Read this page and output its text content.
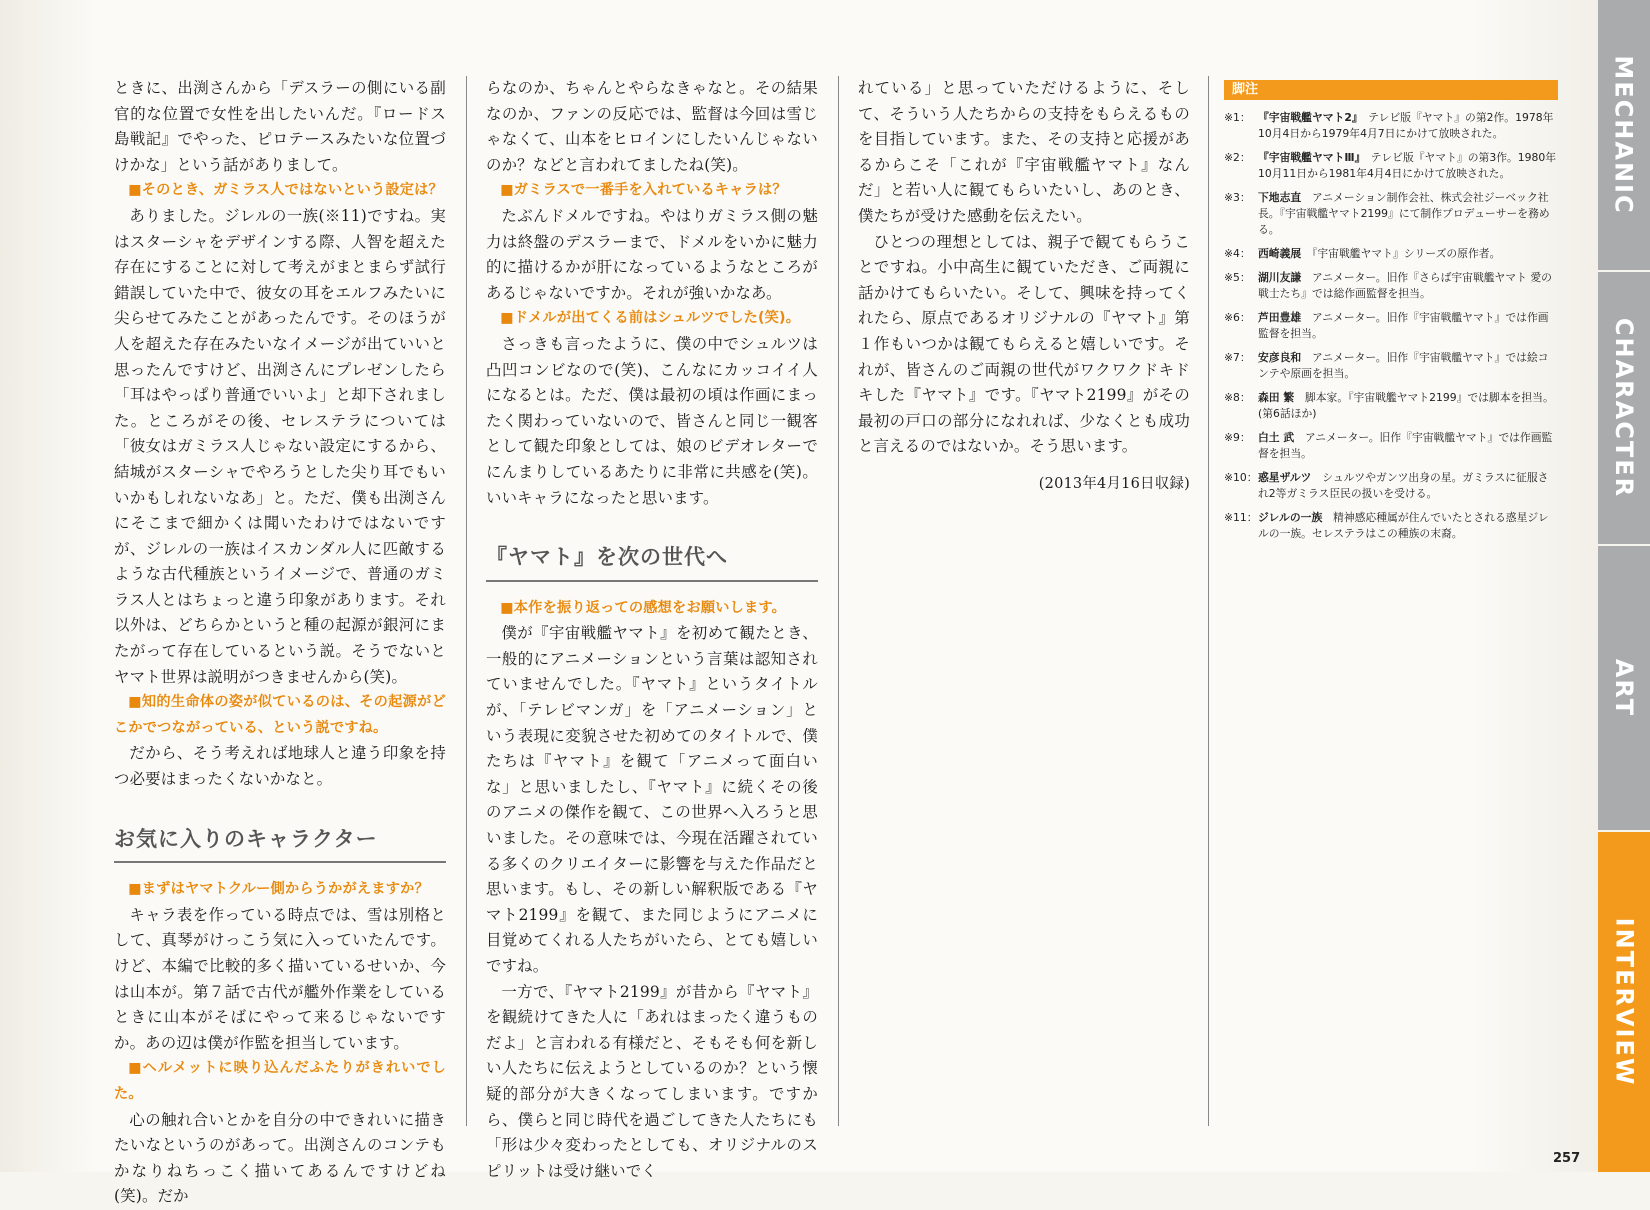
ときに、出渕さんから「デスラーの側にいる副官的な位置で女性を出したいんだ。『ロードス島戦記』でやった、ピロテースみたいな位置づけかな」という話がありまして。

■ そのとき、ガミラス人ではないという設定は？

ありました。ジレルの一族(※11)ですね。実はスターシャをデザインする際、人智を超えた存在にすることに対して考えがまとまらず試行錯誤していた中で、彼女の耳をエルフみたいに尖らせてみたことがあったんです。そのほうが人を超えた存在みたいなイメージが出ていいと思ったんですけど、出渕さんにプレゼンしたら「耳はやっぱり普通でいいよ」と却下されました。ところがその後、セレステラについては「彼女はガミラス人じゃない設定にするから、結城がスターシャでやろうとした尖り耳でもいいかもしれないなあ」と。ただ、僕も出渕さんにそこまで細かくは聞いたわけではないですが、ジレルの一族はイスカンダル人に匹敵するような古代種族というイメージで、普通のガミラス人とはちょっと違う印象があります。それ以外は、どちらかというと種の起源が銀河にまたがって存在しているという説。そうでないとヤマト世界は説明がつきませんから(笑)。

■ 知的生命体の姿が似ているのは、その起源がどこかでつながっている、という説ですね。

だから、そう考えれば地球人と違う印象を持つ必要はまったくないかなと。

お気に入りのキャラクター

■ まずはヤマトクルー側からうかがえますか？

キャラ表を作っている時点では、雪は別格として、真琴がけっこう気に入っていたんです。けど、本編で比較的多く描いているせいか、今は山本が。第７話で古代が艦外作業をしているときに山本がそばにやって来るじゃないですか。あの辺は僕が作監を担当しています。

■ ヘルメットに映り込んだふたりがきれいでした。

心の触れ合いとかを自分の中できれいに描きたいなというのがあって。出渕さんのコンテもかなりねちっこく描いてあるんですけどね(笑)。だか

らなのか、ちゃんとやらなきゃなと。その結果なのか、ファンの反応では、監督は今回は雪じゃなくて、山本をヒロインにしたいんじゃないのか？などと言われてましたね(笑)。

■ ガミラスで一番手を入れているキャラは？

たぶんドメルですね。やはりガミラス側の魅力は終盤のデスラーまで、ドメルをいかに魅力的に描けるかが肝になっているようなところがあるじゃないですか。それが強いかなあ。

■ ドメルが出てくる前はシュルツでした(笑)。

さっきも言ったように、僕の中でシュルツは凸凹コンビなので(笑)、こんなにカッコイイ人になるとは。ただ、僕は最初の頃は作画にまったく関わっていないので、皆さんと同じ一観客として観た印象としては、娘のビデオレターでにんまりしているあたりに非常に共感を(笑)。いいキャラになったと思います。

『ヤマト』を次の世代へ

■ 本作を振り返っての感想をお願いします。

僕が『宇宙戦艦ヤマト』を初めて観たとき、一般的にアニメーションという言葉は認知されていませんでした。『ヤマト』というタイトルが、「テレビマンガ」を「アニメーション」という表現に変貌させた初めてのタイトルで、僕たちは『ヤマト』を観て「アニメって面白いな」と思いましたし、『ヤマト』に続くその後のアニメの傑作を観て、この世界へ入ろうと思いました。その意味では、今現在活躍されている多くのクリエイターに影響を与えた作品だと思います。もし、その新しい解釈版である『ヤマト2199』を観て、また同じようにアニメに目覚めてくれる人たちがいたら、とても嬉しいですね。

一方で、『ヤマト2199』が昔から『ヤマト』を観続けてきた人に「あれはまったく違うものだよ」と言われる有様だと、そもそも何を新しい人たちに伝えようとしているのか？という懐疑的部分が大きくなってしまいます。ですから、僕らと同じ時代を過ごしてきた人たちにも「形は少々変わったとしても、オリジナルのスピリットは受け継いでく

れている」と思っていただけるように、そして、そういう人たちからの支持をもらえるものを目指しています。また、その支持と応援があるからこそ「これが『宇宙戦艦ヤマト』なんだ」と若い人に観てもらいたいし、あのとき、僕たちが受けた感動を伝えたい。

ひとつの理想としては、親子で観てもらうことですね。小中高生に観ていただき、ご両親に話かけてもらいたい。そして、興味を持ってくれたら、原点であるオリジナルの『ヤマト』第１作もいつかは観てもらえると嬉しいです。それが、皆さんのご両親の世代がワクワクドキドキした『ヤマト』です。『ヤマト2199』がその最初の戸口の部分になれれば、少なくとも成功と言えるのではないか。そう思います。

(2013年4月16日収録)
脚注
※1： 『宇宙戦艦ヤマト2』　テレビ版『ヤマト』の第2作。1978年10月4日から1979年4月7日にかけて放映された。
※2： 『宇宙戦艦ヤマトⅢ』　テレビ版『ヤマト』の第3作。1980年10月11日から1981年4月4日にかけて放映された。
※3： 下地志直　アニメーション制作会社、株式会社ジーベック社長。『宇宙戦艦ヤマト2199』にて制作プロデューサーを務める。
※4： 西崎義展　『宇宙戦艦ヤマト』シリーズの原作者。
※5： 湖川友謙　アニメーター。旧作『さらば宇宙戦艦ヤマト 愛の戦士たち』では総作画監督を担当。
※6： 芦田豊雄　アニメーター。旧作『宇宙戦艦ヤマト』では作画監督を担当。
※7： 安彦良和　アニメーター。旧作『宇宙戦艦ヤマト』では絵コンテや原画を担当。
※8： 森田 繁　脚本家。『宇宙戦艦ヤマト2199』では脚本を担当。(第6話ほか)
※9： 白土 武　アニメーター。旧作『宇宙戦艦ヤマト』では作画監督を担当。
※10： 惑星ザルツ　シュルツやガンツ出身の星。ガミラスに征服され2等ガミラス臣民の扱いを受ける。
※11： ジレルの一族　精神感応種属が住んでいたとされる惑星ジレルの一族。セレステラはこの種族の末裔。
MECHANIC
CHARACTER
ART
INTERVIEW
257
